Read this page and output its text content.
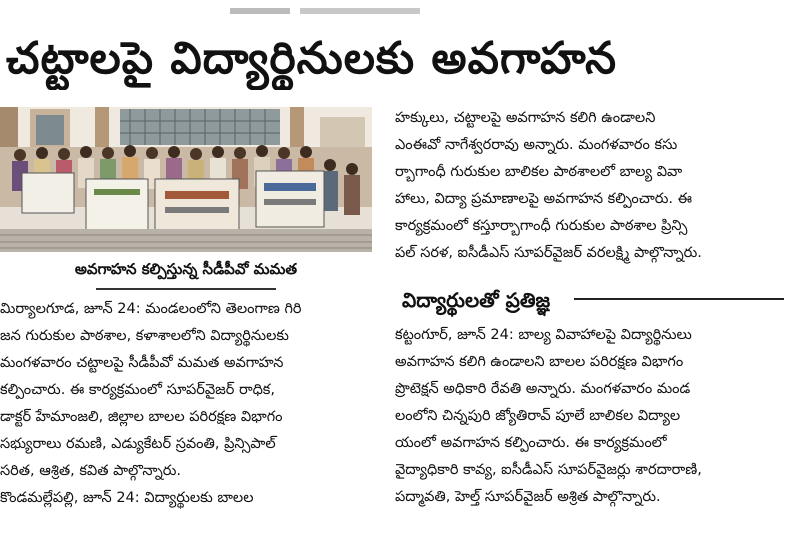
చట్టాలపై విద్యార్థినులకు అవగాహన
అవగాహన కల్పిస్తున్న సీడీపీవో మమత
మిర్యాలగూడ, జూన్ 24: మండలంలోని తెలంగాణ గిరి
జన గురుకుల పాఠశాల, కళాశాలలోని విద్యార్థినులకు
మంగళవారం చట్టాలపై సీడీపీవో మమత అవగాహన
కల్పించారు. ఈ కార్యక్రమంలో సూపర్‌వైజర్ రాధిక,
డాక్టర్ హేమాంజలి, జిల్లాల బాలల పరిరక్షణ విభాగం
సభ్యురాలు రమణి, ఎడ్యుకేటర్ స్రవంతి, ప్రిన్సిపాల్
సరిత, ఆశ్రిత, కవిత పాల్గొన్నారు.
కొండమల్లేపల్లి, జూన్ 24: విద్యార్థులకు బాలల
హక్కులు, చట్టాలపై అవగాహన కలిగి ఉండాలని
ఎంఈవో నాగేశ్వరరావు అన్నారు. మంగళవారం కసు
ర్బాగాంధీ గురుకుల బాలికల పాఠశాలలో బాల్య వివా
హాలు, విద్యా ప్రమాణాలపై అవగాహన కల్పించారు. ఈ
కార్యక్రమంలో కస్తూర్బాగాంధీ గురుకుల పాఠశాల ప్రిన్సి
పల్ సరళ, ఐసీడీఎస్ సూపర్‌వైజర్ వరలక్ష్మి పాల్గొన్నారు.
విద్యార్థులతో ప్రతిజ్ఞ
కట్టంగూర్, జూన్ 24: బాల్య వివాహాలపై విద్యార్థినులు
అవగాహన కలిగి ఉండాలని బాలల పరిరక్షణ విభాగం
ప్రొటెక్షన్ అధికారి రేవతి అన్నారు. మంగళవారం మండ
లంలోని చిన్నపురి జ్యోతిరావ్ పూలే బాలికల విద్యాల
యంలో అవగాహన కల్పించారు. ఈ కార్యక్రమంలో
వైద్యాధికారి కావ్య, ఐసీడీఎస్ సూపర్‌వైజర్లు శారదారాణి,
పద్మావతి, హెల్త్ సూపర్‌వైజర్ అశ్రిత పాల్గొన్నారు.
